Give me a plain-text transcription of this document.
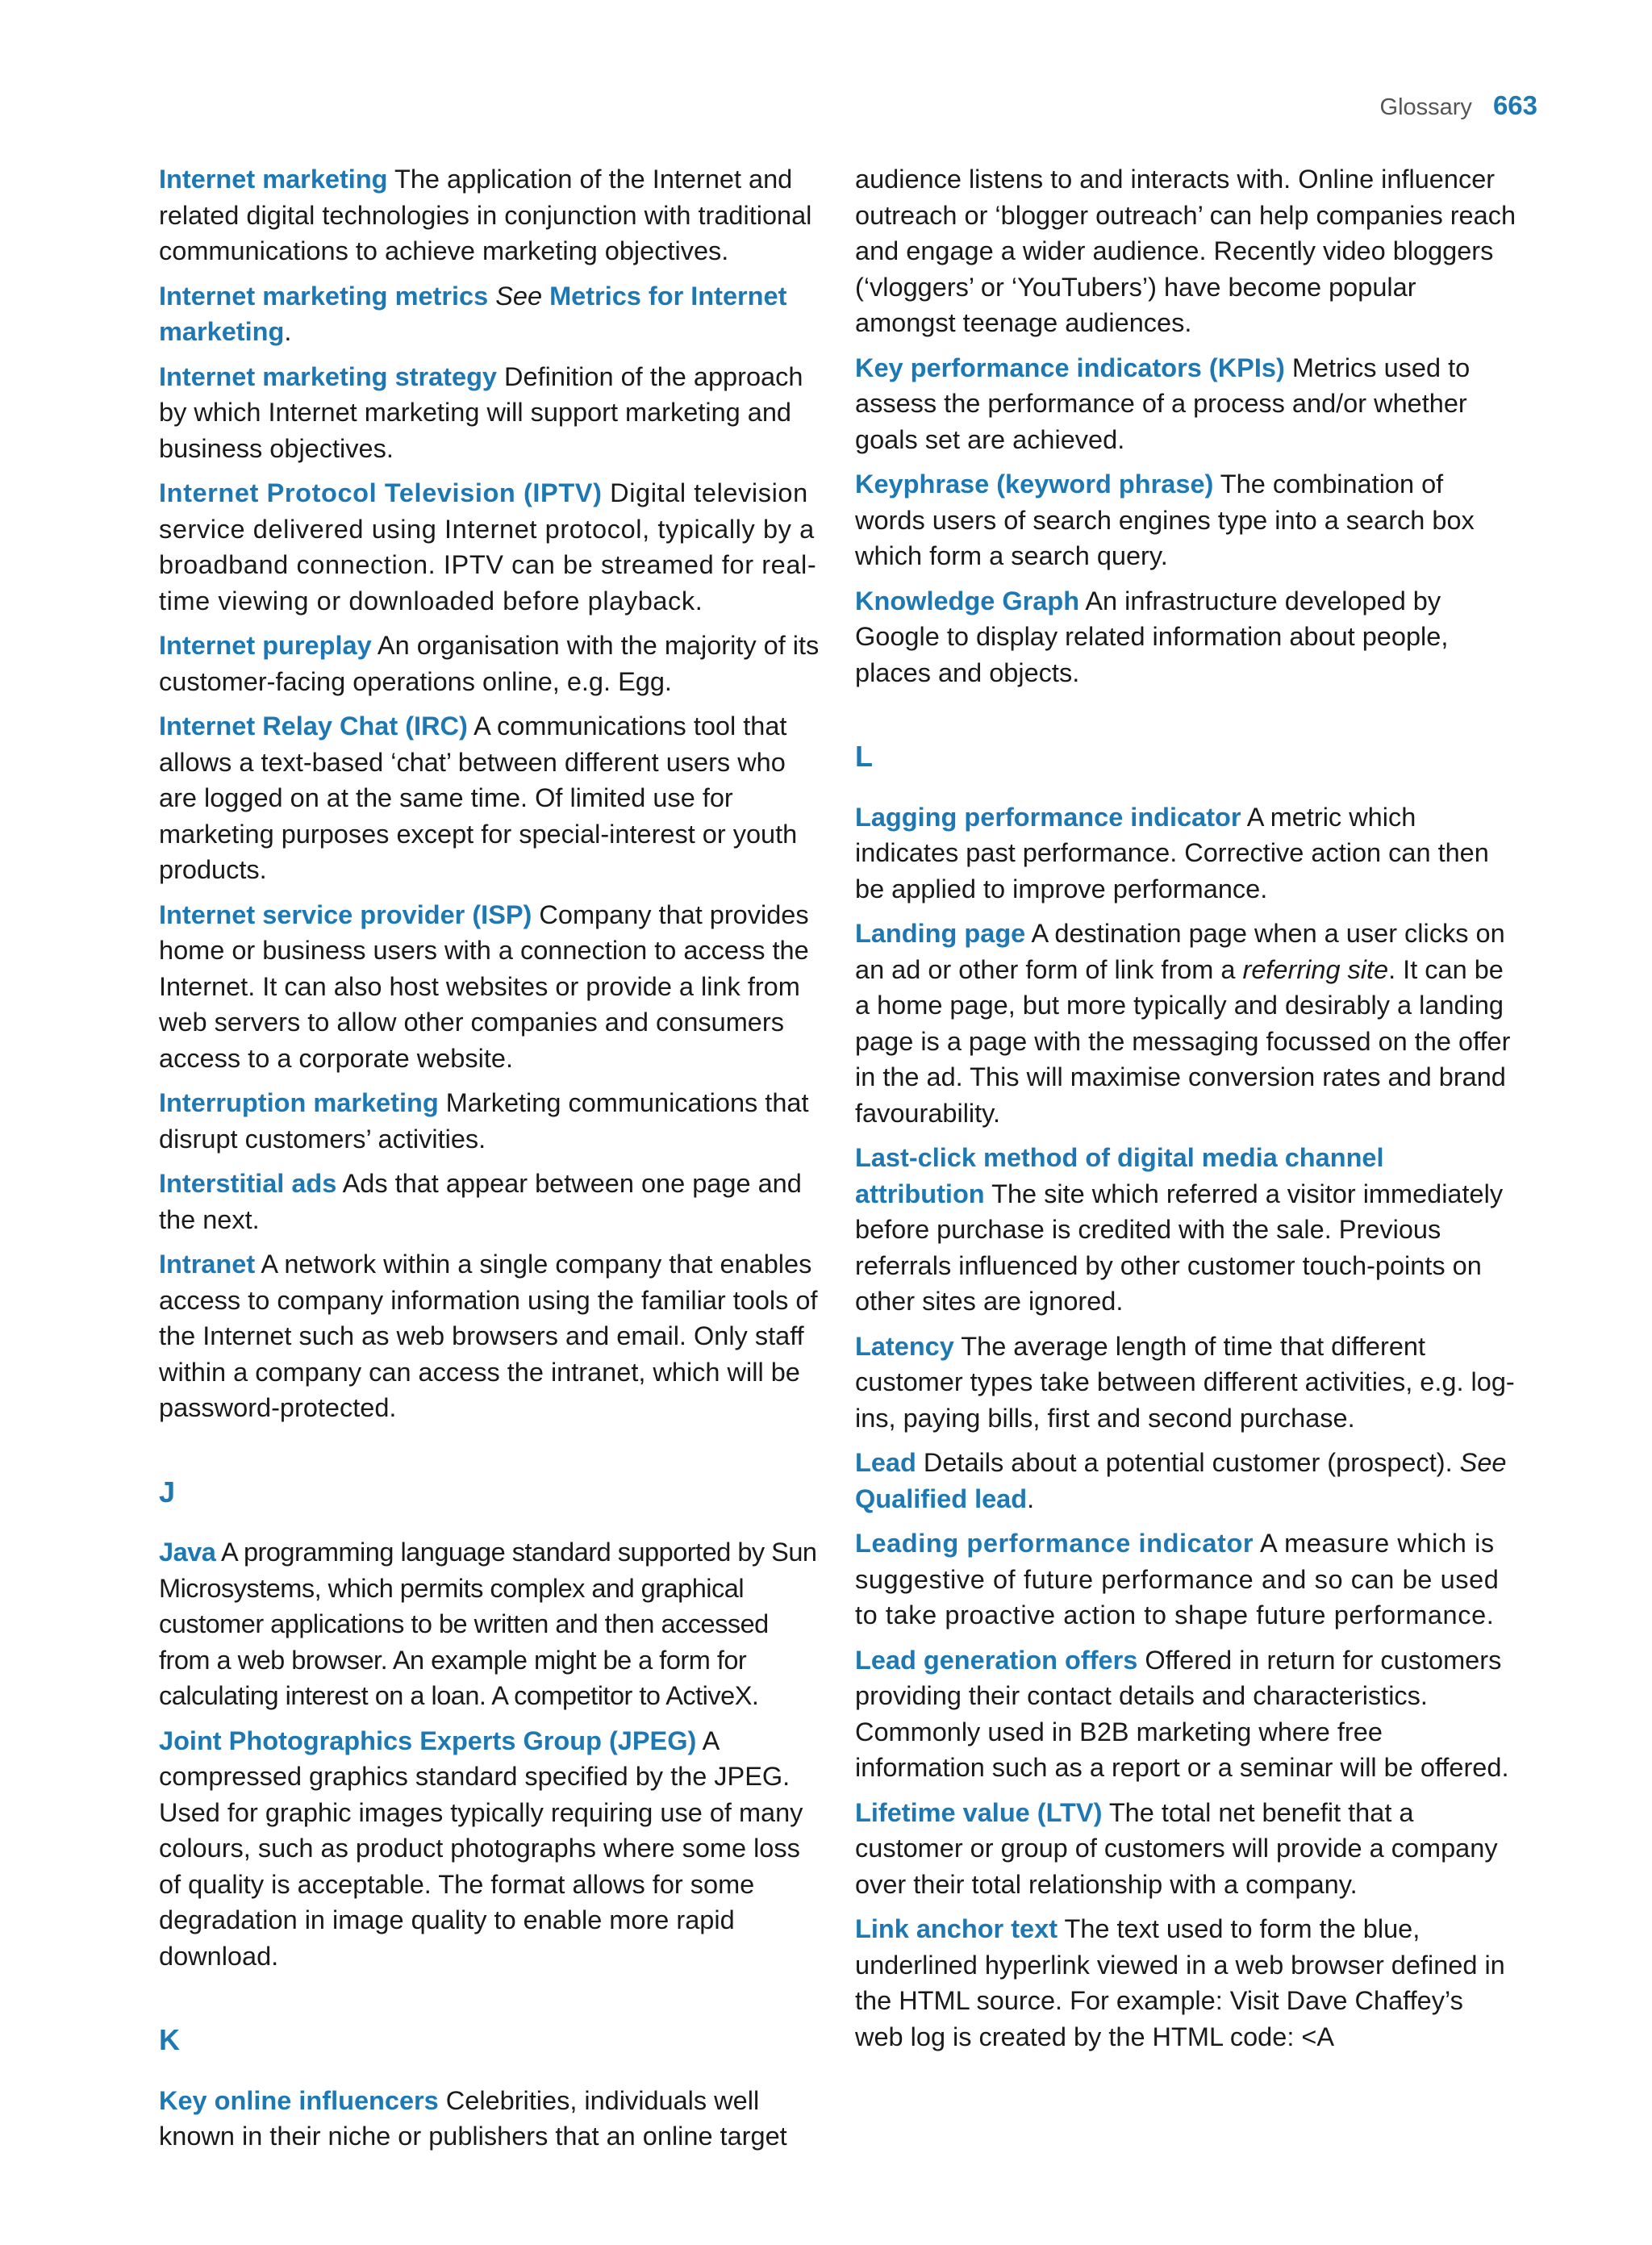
Glossary 663

Internet marketing The application of the Internet and related digital technologies in conjunction with traditional communications to achieve marketing objectives.

Internet marketing metrics See Metrics for Internet marketing.

Internet marketing strategy Definition of the approach by which Internet marketing will support marketing and business objectives.

Internet Protocol Television (IPTV) Digital television service delivered using Internet protocol, typically by a broadband connection. IPTV can be streamed for real-time viewing or downloaded before playback.

Internet pureplay An organisation with the majority of its customer-facing operations online, e.g. Egg.

Internet Relay Chat (IRC) A communications tool that allows a text-based ‘chat’ between different users who are logged on at the same time. Of limited use for marketing purposes except for special-interest or youth products.

Internet service provider (ISP) Company that provides home or business users with a connection to access the Internet. It can also host websites or provide a link from web servers to allow other companies and consumers access to a corporate website.

Interruption marketing Marketing communications that disrupt customers’ activities.

Interstitial ads Ads that appear between one page and the next.

Intranet A network within a single company that enables access to company information using the familiar tools of the Internet such as web browsers and email. Only staff within a company can access the intranet, which will be password-protected.

J

Java A programming language standard supported by Sun Microsystems, which permits complex and graphical customer applications to be written and then accessed from a web browser. An example might be a form for calculating interest on a loan. A competitor to ActiveX.

Joint Photographics Experts Group (JPEG) A compressed graphics standard specified by the JPEG. Used for graphic images typically requiring use of many colours, such as product photographs where some loss of quality is acceptable. The format allows for some degradation in image quality to enable more rapid download.

K

Key online influencers Celebrities, individuals well known in their niche or publishers that an online target

audience listens to and interacts with. Online influencer outreach or ‘blogger outreach’ can help companies reach and engage a wider audience. Recently video bloggers (‘vloggers’ or ‘YouTubers’) have become popular amongst teenage audiences.

Key performance indicators (KPIs) Metrics used to assess the performance of a process and/or whether goals set are achieved.

Keyphrase (keyword phrase) The combination of words users of search engines type into a search box which form a search query.

Knowledge Graph An infrastructure developed by Google to display related information about people, places and objects.

L

Lagging performance indicator A metric which indicates past performance. Corrective action can then be applied to improve performance.

Landing page A destination page when a user clicks on an ad or other form of link from a referring site. It can be a home page, but more typically and desirably a landing page is a page with the messaging focussed on the offer in the ad. This will maximise conversion rates and brand favourability.

Last-click method of digital media channel attribution The site which referred a visitor immediately before purchase is credited with the sale. Previous referrals influenced by other customer touch-points on other sites are ignored.

Latency The average length of time that different customer types take between different activities, e.g. log-ins, paying bills, first and second purchase.

Lead Details about a potential customer (prospect). See Qualified lead.

Leading performance indicator A measure which is suggestive of future performance and so can be used to take proactive action to shape future performance.

Lead generation offers Offered in return for customers providing their contact details and characteristics. Commonly used in B2B marketing where free information such as a report or a seminar will be offered.

Lifetime value (LTV) The total net benefit that a customer or group of customers will provide a company over their total relationship with a company.

Link anchor text The text used to form the blue, underlined hyperlink viewed in a web browser defined in the HTML source. For example: Visit Dave Chaffey’s web log is created by the HTML code: <A
